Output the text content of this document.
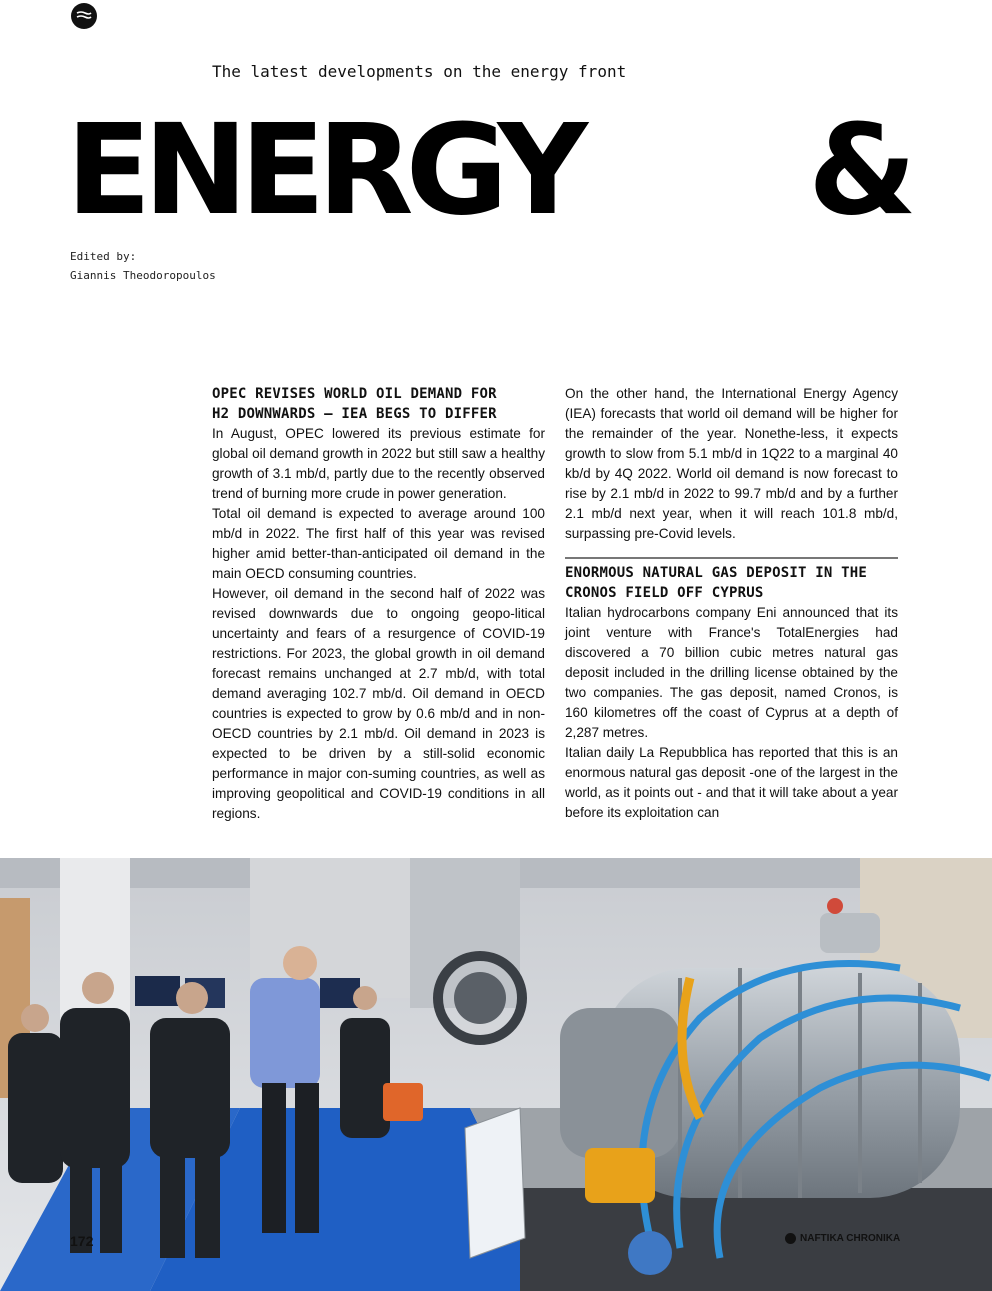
The latest developments on the energy front
ENERGY &
Edited by:
Giannis Theodoropoulos
OPEC REVISES WORLD OIL DEMAND FOR
H2 DOWNWARDS – IEA BEGS TO DIFFER

In August, OPEC lowered its previous estimate for global oil demand growth in 2022 but still saw a healthy growth of 3.1 mb/d, partly due to the recently observed trend of burning more crude in power generation.

Total oil demand is expected to average around 100 mb/d in 2022. The first half of this year was revised higher amid better-than-anticipated oil demand in the main OECD consuming countries.

However, oil demand in the second half of 2022 was revised downwards due to ongoing geopo-litical uncertainty and fears of a resurgence of COVID-19 restrictions. For 2023, the global growth in oil demand forecast remains unchanged at 2.7 mb/d, with total demand averaging 102.7 mb/d. Oil demand in OECD countries is expected to grow by 0.6 mb/d and in non-OECD countries by 2.1 mb/d. Oil demand in 2023 is expected to be driven by a still-solid economic performance in major con-suming countries, as well as improving geopolitical and COVID-19 conditions in all regions.

On the other hand, the International Energy Agency (IEA) forecasts that world oil demand will be higher for the remainder of the year. Nonethe-less, it expects growth to slow from 5.1 mb/d in 1Q22 to a marginal 40 kb/d by 4Q 2022. World oil demand is now forecast to rise by 2.1 mb/d in 2022 to 99.7 mb/d and by a further 2.1 mb/d next year, when it will reach 101.8 mb/d, surpassing pre-Covid levels.

ENORMOUS NATURAL GAS DEPOSIT IN THE
CRONOS FIELD OFF CYPRUS

Italian hydrocarbons company Eni announced that its joint venture with France's TotalEnergies had discovered a 70 billion cubic metres natural gas deposit included in the drilling license obtained by the two companies. The gas deposit, named Cronos, is 160 kilometres off the coast of Cyprus at a depth of 2,287 metres.

Italian daily La Repubblica has reported that this is an enormous natural gas deposit -one of the largest in the world, as it points out - and that it will take about a year before its exploitation can

172	NAFTIKA CHRONIKA
